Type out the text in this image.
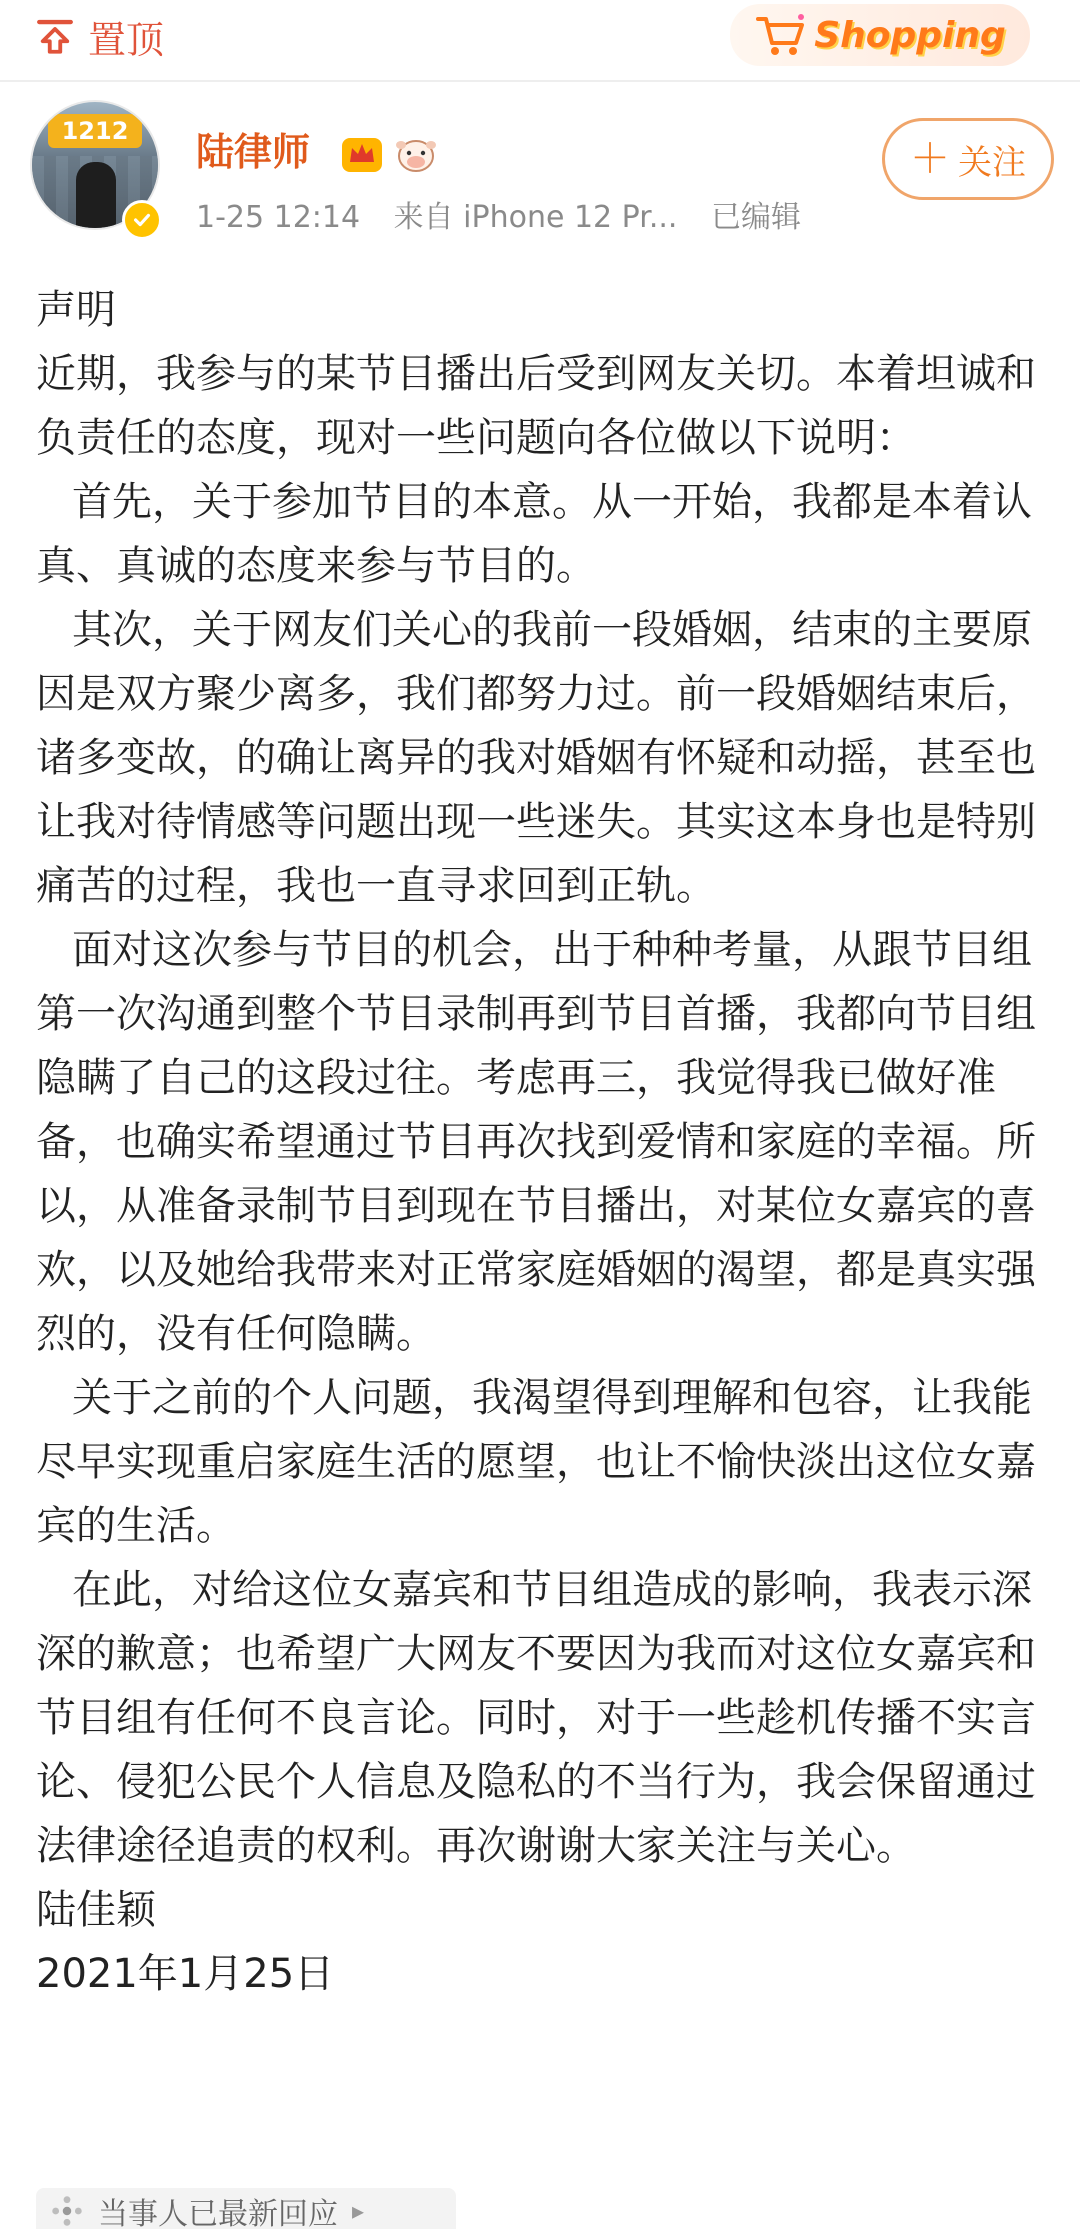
置顶	Shopping
1212	陆律师
1-25 12:14 来自 iPhone 12 Pr... 已编辑
＋ 关注

声明

近期，我参与的某节目播出后受到网友关切。本着坦诚和负责任的态度，现对一些问题向各位做以下说明：

首先，关于参加节目的本意。从一开始，我都是本着认真、真诚的态度来参与节目的。

其次，关于网友们关心的我前一段婚姻，结束的主要原因是双方聚少离多，我们都努力过。前一段婚姻结束后，诸多变故，的确让离异的我对婚姻有怀疑和动摇，甚至也让我对待情感等问题出现一些迷失。其实这本身也是特别痛苦的过程，我也一直寻求回到正轨。

面对这次参与节目的机会，出于种种考量，从跟节目组第一次沟通到整个节目录制再到节目首播，我都向节目组隐瞒了自己的这段过往。考虑再三，我觉得我已做好准备，也确实希望通过节目再次找到爱情和家庭的幸福。所以，从准备录制节目到现在节目播出，对某位女嘉宾的喜欢，以及她给我带来对正常家庭婚姻的渴望，都是真实强烈的，没有任何隐瞒。

关于之前的个人问题，我渴望得到理解和包容，让我能尽早实现重启家庭生活的愿望，也让不愉快淡出这位女嘉宾的生活。

在此，对给这位女嘉宾和节目组造成的影响，我表示深深的歉意；也希望广大网友不要因为我而对这位女嘉宾和节目组有任何不良言论。同时，对于一些趁机传播不实言论、侵犯公民个人信息及隐私的不当行为，我会保留通过法律途径追责的权利。再次谢谢大家关注与关心。

陆佳颖

2021年1月25日

当事人已最新回应 ▸
